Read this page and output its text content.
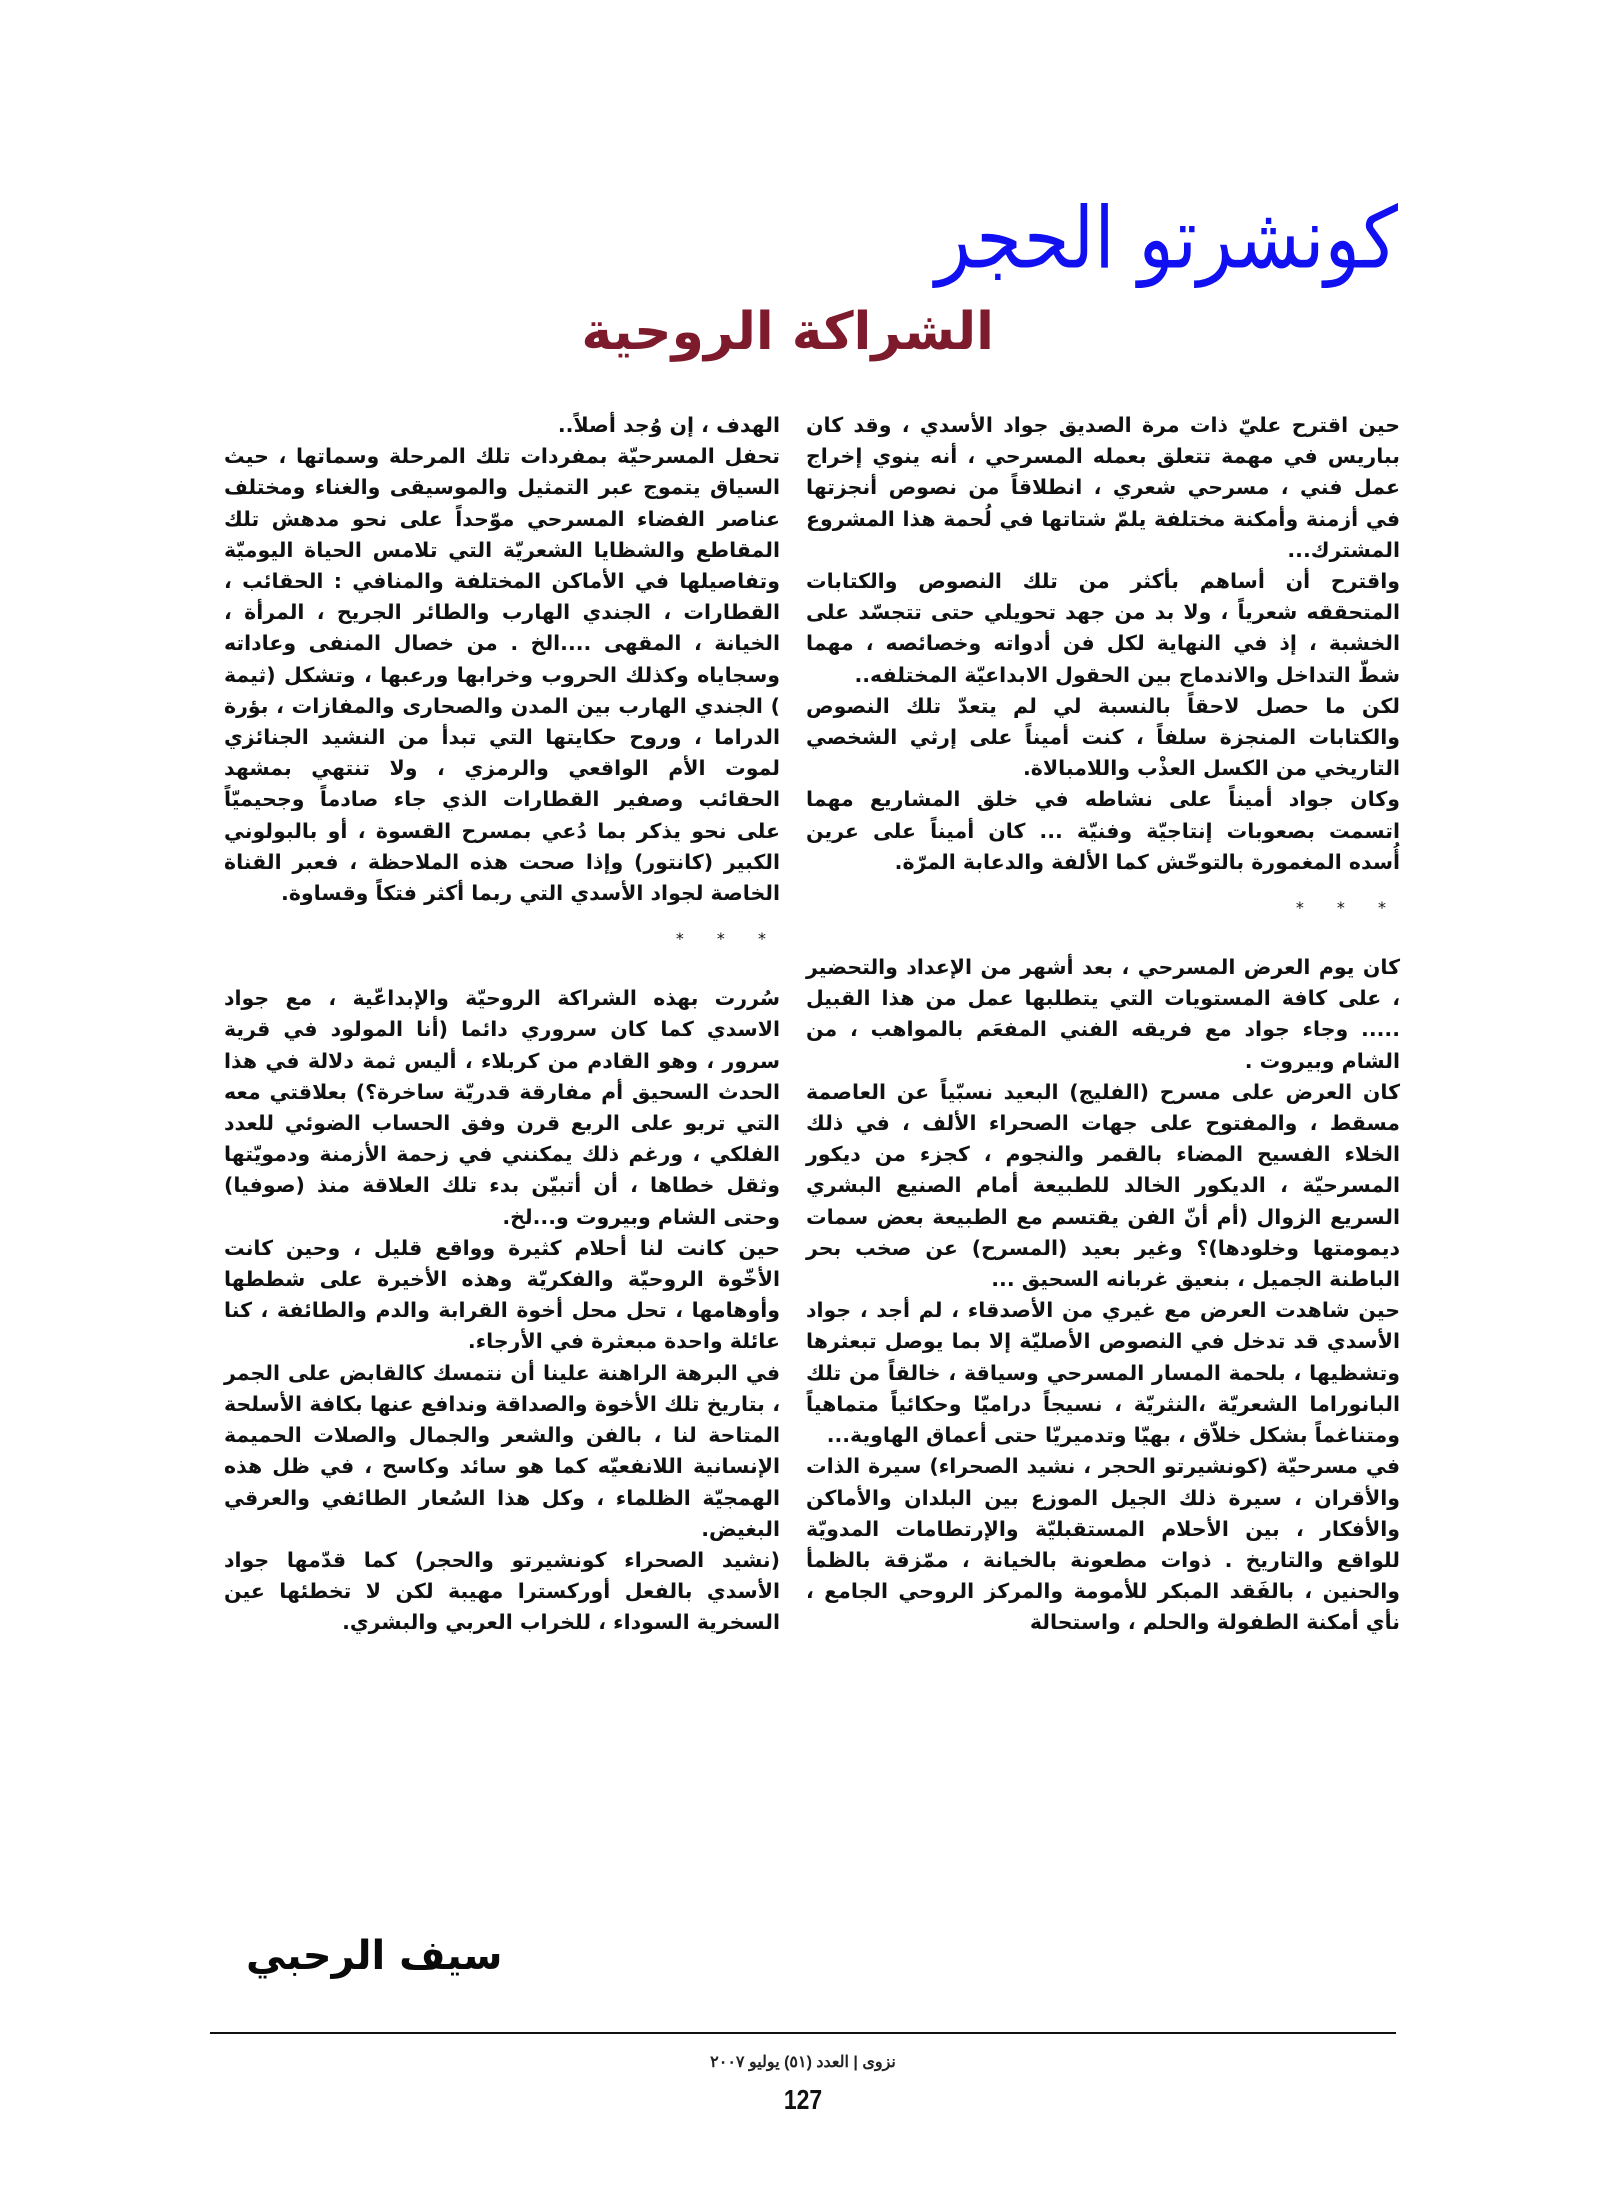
كونشرتو الحجر
الشراكة الروحية

حين اقترح عليّ ذات مرة الصديق جواد الأسدي ، وقد كان بباريس في مهمة تتعلق بعمله المسرحي ، أنه ينوي إخراج عمل فني ، مسرحي شعري ، انطلاقاً من نصوص أنجزتها في أزمنة وأمكنة مختلفة يلمّ شتاتها في لُحمة هذا المشروع المشترك...

واقترح أن أساهم بأكثر من تلك النصوص والكتابات المتحققه شعرياً ، ولا بد من جهد تحويلي حتى تتجسّد على الخشبة ، إذ في النهاية لكل فن أدواته وخصائصه ، مهما شطّ التداخل والاندماج بين الحقول الابداعيّة المختلفه..

لكن ما حصل لاحقاً بالنسبة لي لم يتعدّ تلك النصوص والكتابات المنجزة سلفاً ، كنت أميناً على إرثي الشخصي التاريخي من الكسل العذْب واللامبالاة.

وكان جواد أميناً على نشاطه في خلق المشاريع مهما اتسمت بصعوبات إنتاجيّة وفنيّة ... كان أميناً على عرين أُسده المغمورة بالتوحّش كما الألفة والدعابة المرّة.

* * *

كان يوم العرض المسرحي ، بعد أشهر من الإعداد والتحضير ، على كافة المستويات التي يتطلبها عمل من هذا القبيل ..... وجاء جواد مع فريقه الفني المفعَم بالمواهب ، من الشام وبيروت .

كان العرض على مسرح (الفليج) البعيد نسبّياً عن العاصمة مسقط ، والمفتوح على جهات الصحراء الألف ، في ذلك الخلاء الفسيح المضاء بالقمر والنجوم ، كجزء من ديكور المسرحيّة ، الديكور الخالد للطبيعة أمام الصنيع البشري السريع الزوال (أم أنّ الفن يقتسم مع الطبيعة بعض سمات ديمومتها وخلودها)؟ وغير بعيد (المسرح) عن صخب بحر الباطنة الجميل ، بنعيق غربانه السحيق ...

حين شاهدت العرض مع غيري من الأصدقاء ، لم أجد ، جواد الأسدي قد تدخل في النصوص الأصليّة إلا بما يوصل تبعثرها وتشظيها ، بلحمة المسار المسرحي وسياقة ، خالقاً من تلك البانوراما الشعريّة ،النثريّة ، نسيجاً دراميّا وحكائياً متماهياً ومتناغماً بشكل خلاّق ، بهيّا وتدميريّا حتى أعماق الهاوية...

في مسرحيّة (كونشيرتو الحجر ، نشيد الصحراء) سيرة الذات والأقران ، سيرة ذلك الجيل الموزع بين البلدان والأماكن والأفكار ، بين الأحلام المستقبليّة والإرتطامات المدويّة للواقع والتاريخ . ذوات مطعونة بالخيانة ، ممّزقة بالظمأ والحنين ، بالفَقد المبكر للأمومة والمركز الروحي الجامع ، نأي أمكنة الطفولة والحلم ، واستحالة

الهدف ، إن وُجد أصلاً..

تحفل المسرحيّة بمفردات تلك المرحلة وسماتها ، حيث السياق يتموج عبر التمثيل والموسيقى والغناء ومختلف عناصر الفضاء المسرحي موّحداً على نحو مدهش تلك المقاطع والشظايا الشعريّة التي تلامس الحياة اليوميّة وتفاصيلها في الأماكن المختلفة والمنافي : الحقائب ، القطارات ، الجندي الهارب والطائر الجريح ، المرأة ، الخيانة ، المقهى ....الخ . من خصال المنفى وعاداته وسجاياه وكذلك الحروب وخرابها ورعبها ، وتشكل (ثيمة ) الجندي الهارب بين المدن والصحارى والمفازات ، بؤرة الدراما ، وروح حكايتها التي تبدأ من النشيد الجنائزي لموت الأم الواقعي والرمزي ، ولا تنتهي بمشهد الحقائب وصفير القطارات الذي جاء صادماً وجحيميّاً على نحو يذكر بما دُعي بمسرح القسوة ، أو بالبولوني الكبير (كانتور) وإذا صحت هذه الملاحظة ، فعبر القناة الخاصة لجواد الأسدي التي ربما أكثر فتكاً وقساوة.

* * *

سُررت بهذه الشراكة الروحيّة والإبداعّية ، مع جواد الاسدي كما كان سروري دائما (أنا المولود في قرية سرور ، وهو القادم من كربلاء ، أليس ثمة دلالة في هذا الحدث السحيق أم مفارقة قدريّة ساخرة؟) بعلاقتي معه التي تربو على الربع قرن وفق الحساب الضوئي للعدد الفلكي ، ورغم ذلك يمكنني في زحمة الأزمنة ودمويّتها وثقل خطاها ، أن أتبيّن بدء تلك العلاقة منذ (صوفيا) وحتى الشام وبيروت و...لخ.

حين كانت لنا أحلام كثيرة وواقع قليل ، وحين كانت الأخّوة الروحيّة والفكريّة وهذه الأخيرة على شططها وأوهامها ، تحل محل أخوة القرابة والدم والطائفة ، كنا عائلة واحدة مبعثرة في الأرجاء.

في البرهة الراهنة علينا أن نتمسك كالقابض على الجمر ، بتاريخ تلك الأخوة والصداقة وندافع عنها بكافة الأسلحة المتاحة لنا ، بالفن والشعر والجمال والصلات الحميمة الإنسانية اللانفعيّه كما هو سائد وكاسح ، في ظل هذه الهمجيّة الظلماء ، وكل هذا السُعار الطائفي والعرقي البغيض.

(نشيد الصحراء كونشيرتو والحجر) كما قدّمها جواد الأسدي بالفعل أوركسترا مهيبة لكن لا تخطئها عين السخرية السوداء ، للخراب العربي والبشري.

سيف الرحبي
نزوى | العدد (٥١) يوليو ٢٠٠٧
127
